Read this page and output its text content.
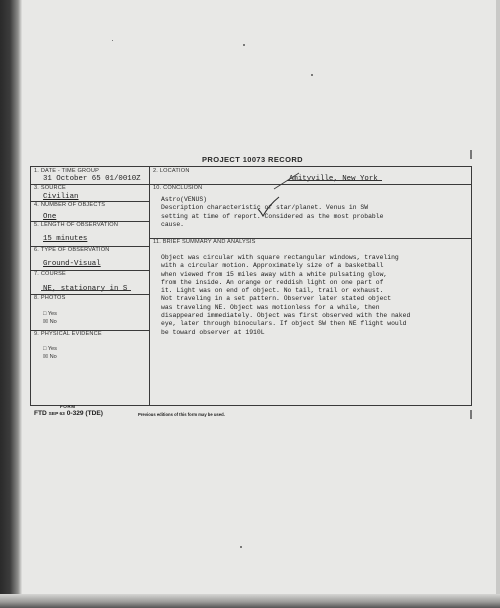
PROJECT 10073 RECORD
1. DATE - TIME GROUP
31 October 65 01/0010Z
3. SOURCE
Civilian
4. NUMBER OF OBJECTS
One
5. LENGTH OF OBSERVATION
15 minutes
6. TYPE OF OBSERVATION
Ground-Visual
7. COURSE
NE, stationary in S
8. PHOTOS
□ Yes
☒ No
9. PHYSICAL EVIDENCE
□ Yes
☒ No
2. LOCATION
Amityville, New York
10. CONCLUSION
Astro(VENUS)
Description characteristic of star/planet. Venus in SW
setting at time of report. Considered as the most probable
cause.
11. BRIEF SUMMARY AND ANALYSIS
Object was circular with square rectangular windows, traveling
with a circular motion. Approximately size of a basketball
when viewed from 15 miles away with a white pulsating glow,
from the inside. An orange or reddish light on one part of
it. Light was on end of object. No tail, trail or exhaust.
Not traveling in a set pattern. Observer later stated object
was traveling NE. Object was motionless for a while, then
disappeared immediately. Object was first observed with the naked
eye, later through binoculars. If object SW then NE flight would
be toward observer at 1910L
FORM
FTD SEP 63 0-329 (TDE)	Previous editions of this form may be used.
